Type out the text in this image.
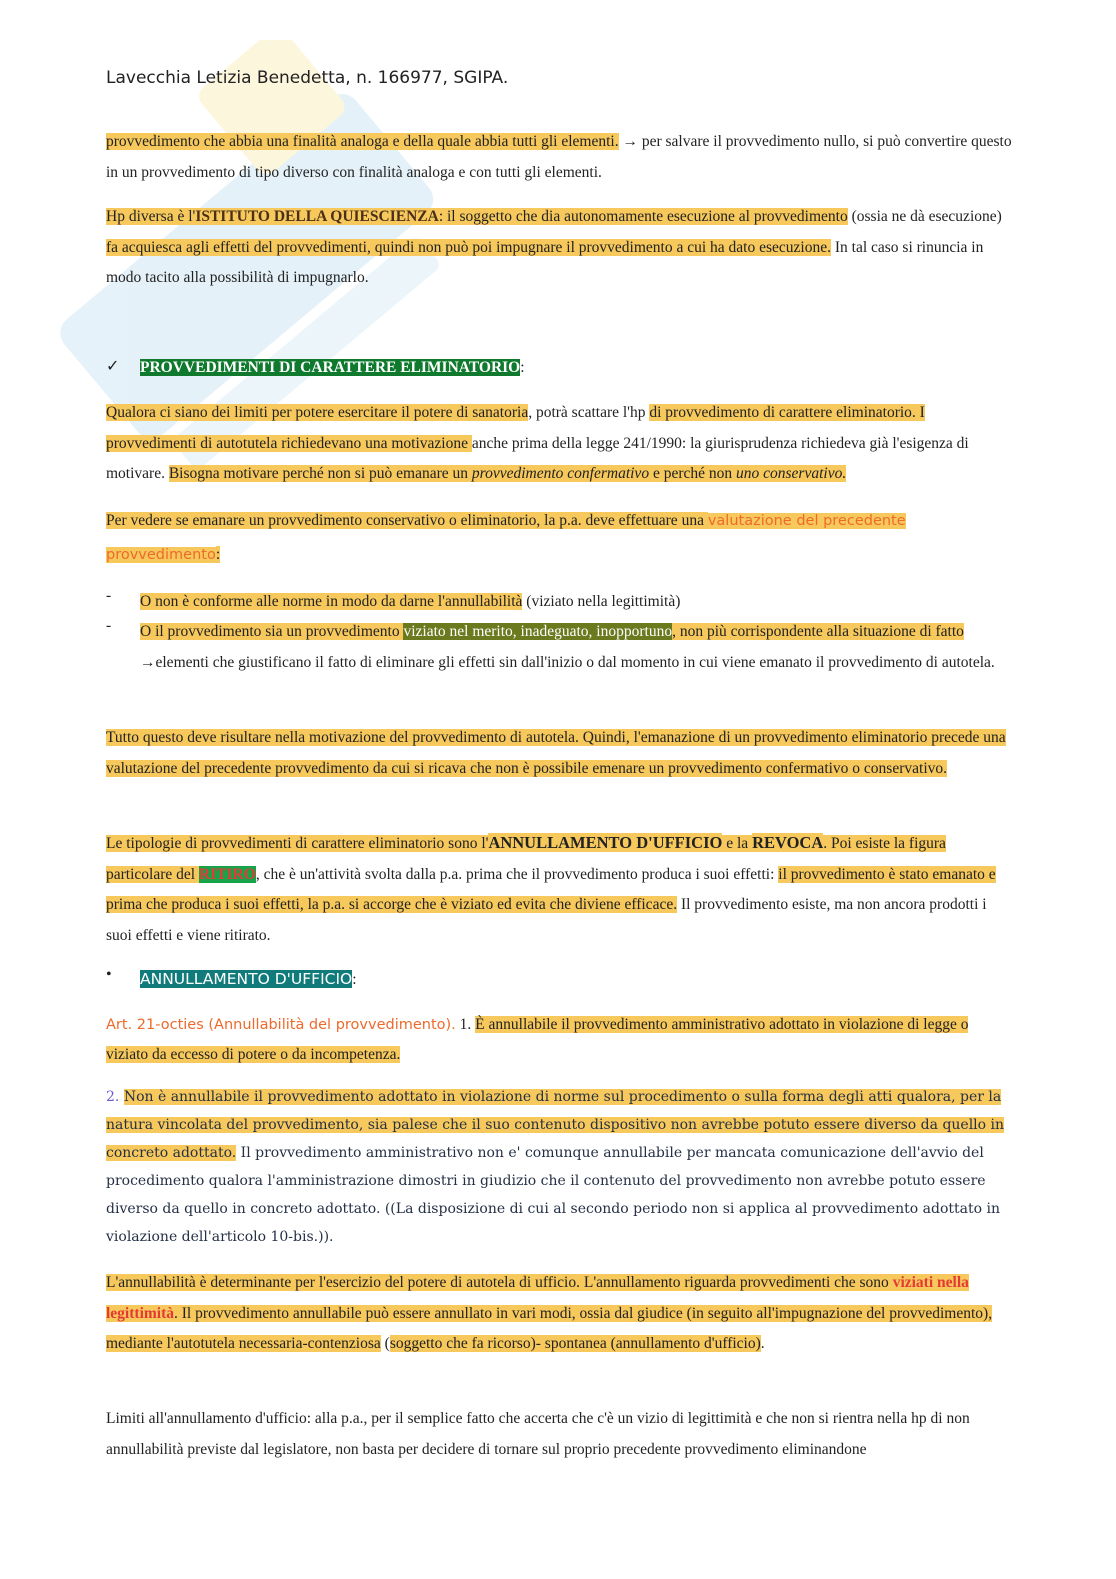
Lavecchia Letizia Benedetta, n. 166977, SGIPA.

provvedimento che abbia una finalità analoga e della quale abbia tutti gli elementi. → per salvare il provvedimento nullo, si può convertire questo in un provvedimento di tipo diverso con finalità analoga e con tutti gli elementi.

Hp diversa è l'ISTITUTO DELLA QUIESCIENZA: il soggetto che dia autonomamente esecuzione al provvedimento (ossia ne dà esecuzione) fa acquiesca agli effetti del provvedimenti, quindi non può poi impugnare il provvedimento a cui ha dato esecuzione. In tal caso si rinuncia in modo tacito alla possibilità di impugnarlo.

✓ PROVVEDIMENTI DI CARATTERE ELIMINATORIO:

Qualora ci siano dei limiti per potere esercitare il potere di sanatoria, potrà scattare l'hp di provvedimento di carattere eliminatorio. I provvedimenti di autotutela richiedevano una motivazione anche prima della legge 241/1990: la giurisprudenza richiedeva già l'esigenza di motivare. Bisogna motivare perché non si può emanare un provvedimento confermativo e perché non uno conservativo.

Per vedere se emanare un provvedimento conservativo o eliminatorio, la p.a. deve effettuare una valutazione del precedente provvedimento:

- O non è conforme alle norme in modo da darne l'annullabilità (viziato nella legittimità)

- O il provvedimento sia un provvedimento viziato nel merito, inadeguato, inopportuno, non più corrispondente alla situazione di fatto →elementi che giustificano il fatto di eliminare gli effetti sin dall'inizio o dal momento in cui viene emanato il provvedimento di autotela.

Tutto questo deve risultare nella motivazione del provvedimento di autotela. Quindi, l'emanazione di un provvedimento eliminatorio precede una valutazione del precedente provvedimento da cui si ricava che non è possibile emenare un provvedimento confermativo o conservativo.

Le tipologie di provvedimenti di carattere eliminatorio sono l'ANNULLAMENTO D'UFFICIO e la REVOCA. Poi esiste la figura particolare del RITIRO, che è un'attività svolta dalla p.a. prima che il provvedimento produca i suoi effetti: il provvedimento è stato emanato e prima che produca i suoi effetti, la p.a. si accorge che è viziato ed evita che diviene efficace. Il provvedimento esiste, ma non ancora prodotti i suoi effetti e viene ritirato.

• ANNULLAMENTO D'UFFICIO:

Art. 21-octies (Annullabilità del provvedimento). 1. È annullabile il provvedimento amministrativo adottato in violazione di legge o viziato da eccesso di potere o da incompetenza.

2. Non è annullabile il provvedimento adottato in violazione di norme sul procedimento o sulla forma degli atti qualora, per la natura vincolata del provvedimento, sia palese che il suo contenuto dispositivo non avrebbe potuto essere diverso da quello in concreto adottato. Il provvedimento amministrativo non e' comunque annullabile per mancata comunicazione dell'avvio del procedimento qualora l'amministrazione dimostri in giudizio che il contenuto del provvedimento non avrebbe potuto essere diverso da quello in concreto adottato. ((La disposizione di cui al secondo periodo non si applica al provvedimento adottato in violazione dell'articolo 10-bis.)).

L'annullabilità è determinante per l'esercizio del potere di autotela di ufficio. L'annullamento riguarda provvedimenti che sono viziati nella legittimità. Il provvedimento annullabile può essere annullato in vari modi, ossia dal giudice (in seguito all'impugnazione del provvedimento), mediante l'autotutela necessaria-contenziosa (soggetto che fa ricorso)- spontanea (annullamento d'ufficio).

Limiti all'annullamento d'ufficio: alla p.a., per il semplice fatto che accerta che c'è un vizio di legittimità e che non si rientra nella hp di non annullabilità previste dal legislatore, non basta per decidere di tornare sul proprio precedente provvedimento eliminandone
